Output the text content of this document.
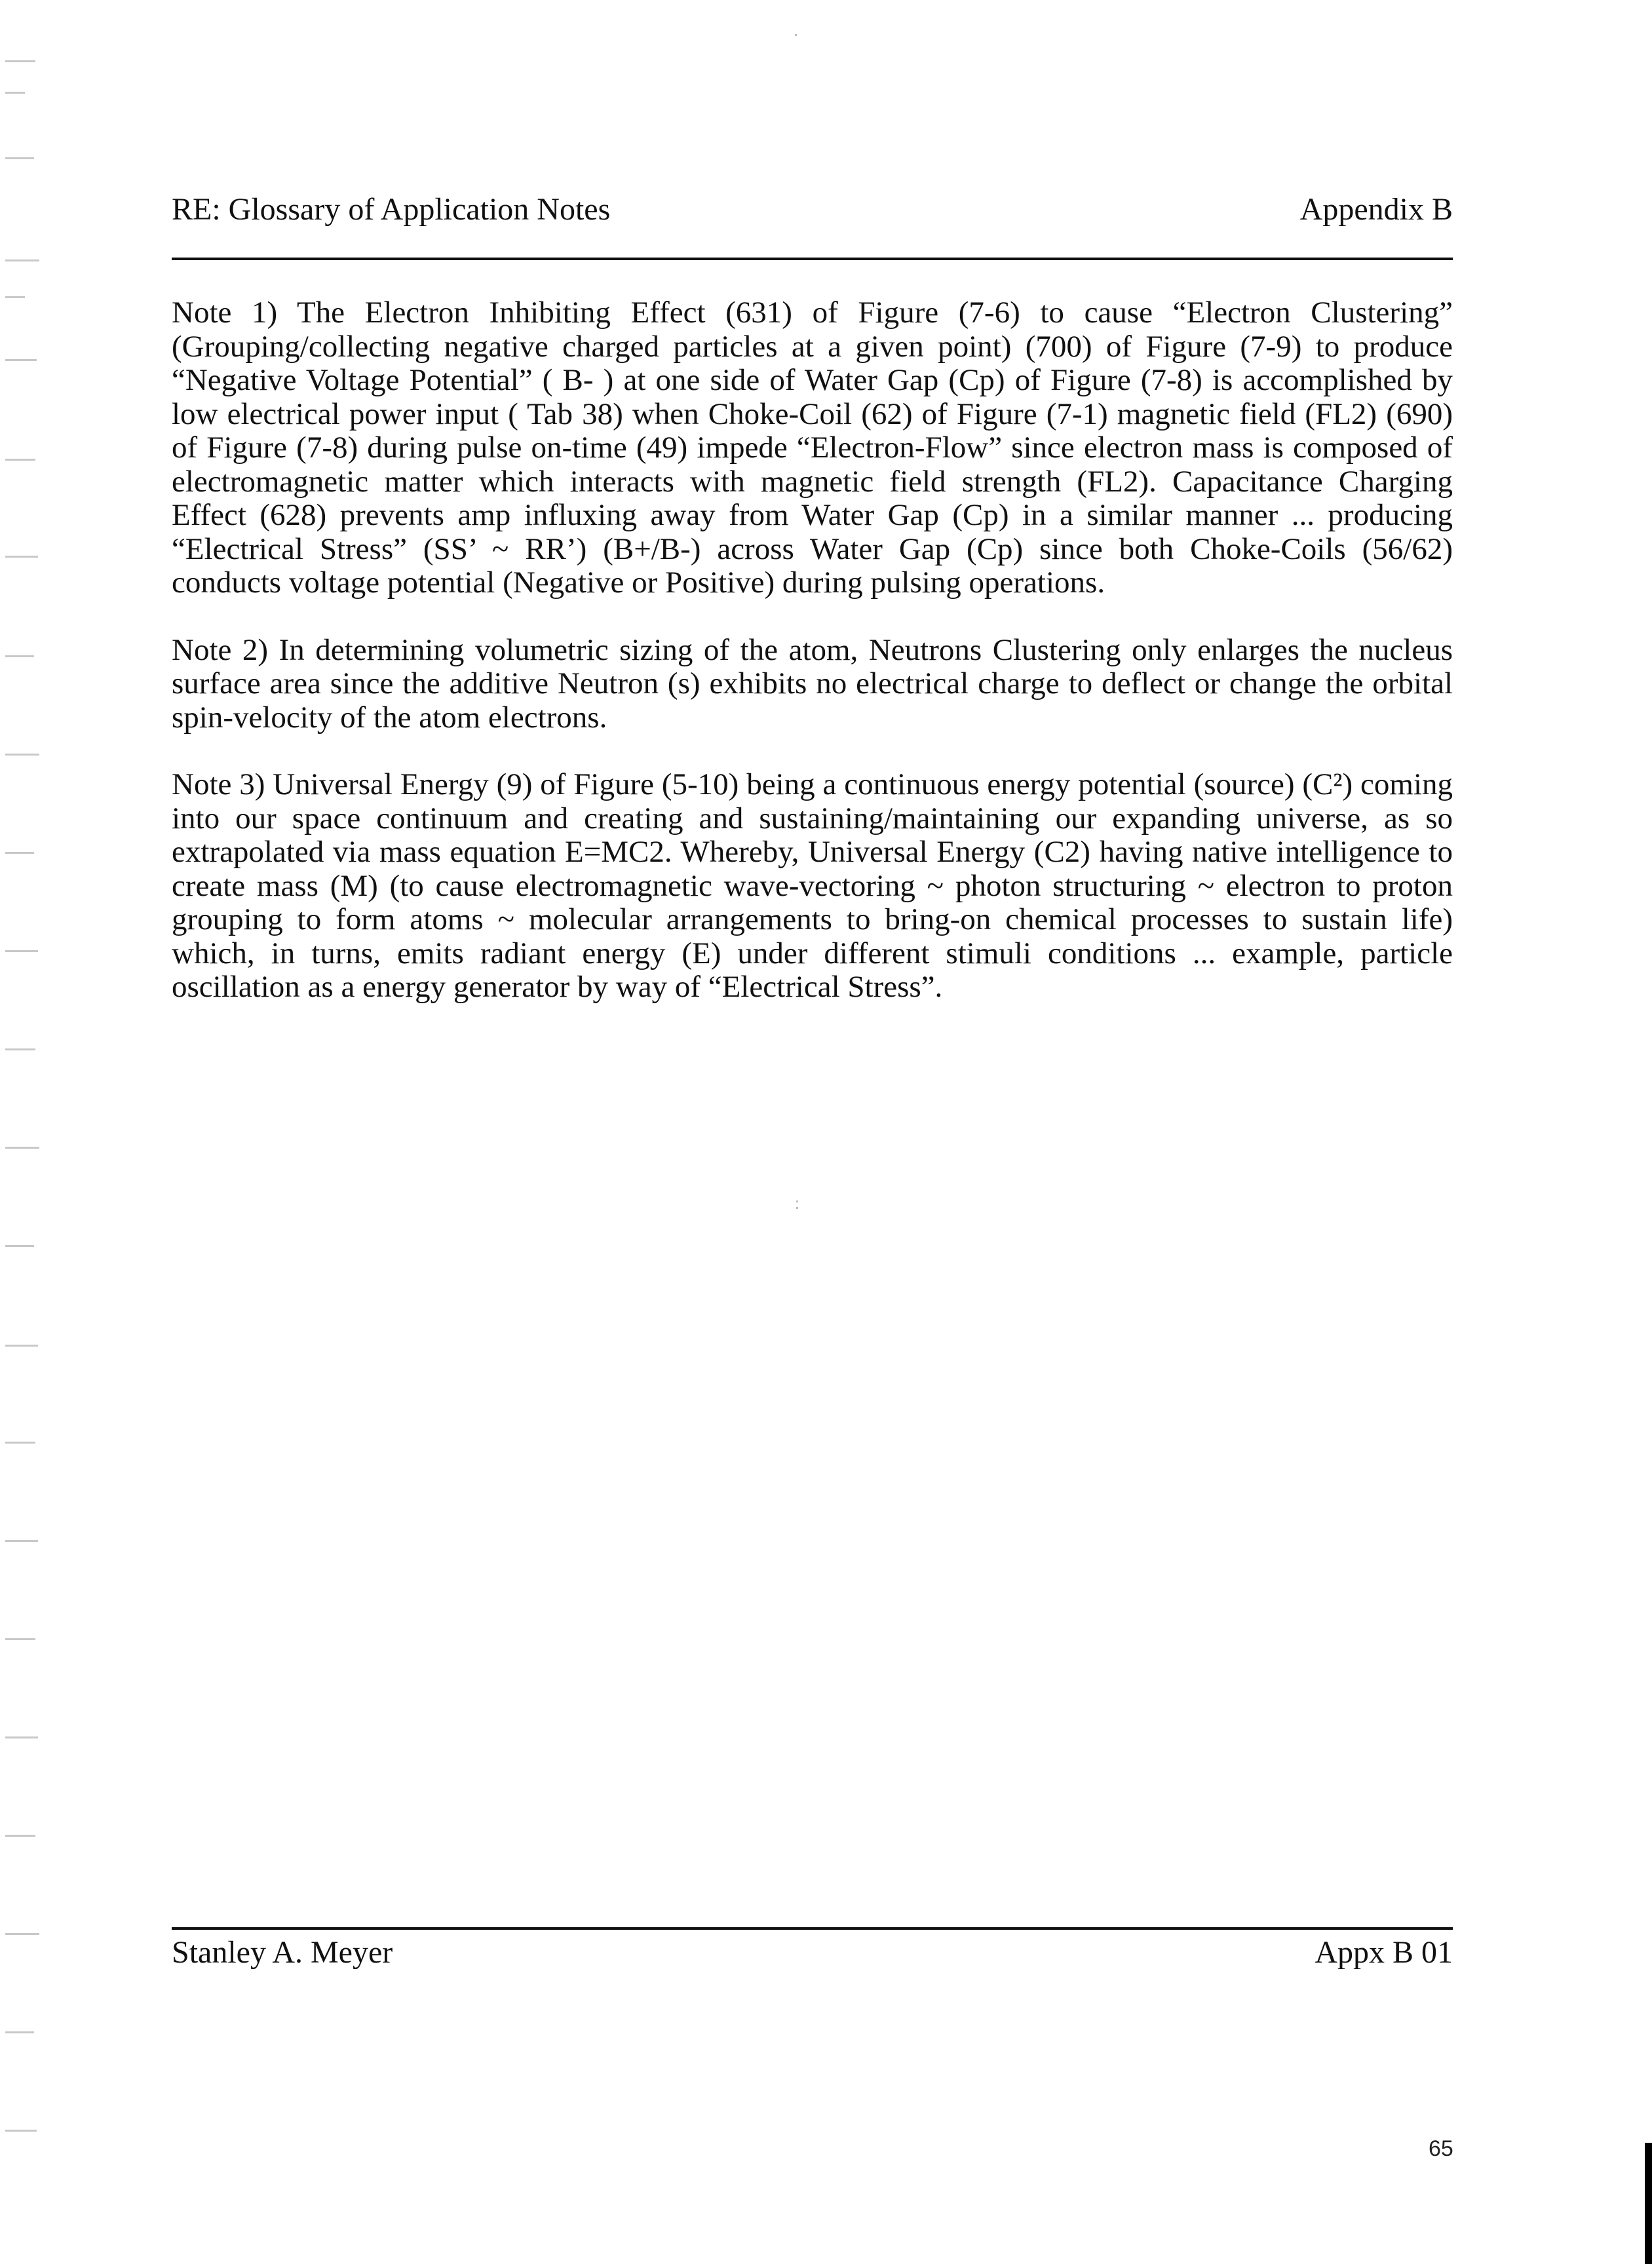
RE: Glossary of Application Notes	Appendix B

Note 1) The Electron Inhibiting Effect (631) of Figure (7-6) to cause “Electron Clustering” (Grouping/collecting negative charged particles at a given point) (700) of Figure (7-9) to produce “Negative Voltage Potential” ( B- ) at one side of Water Gap (Cp) of Figure (7-8) is accomplished by low electrical power input ( Tab 38) when Choke-Coil (62) of Figure (7-1) magnetic field (FL2) (690) of Figure (7-8) during pulse on-time (49) impede “Electron-Flow” since electron mass is composed of electromagnetic matter which interacts with magnetic field strength (FL2). Capacitance Charging Effect (628) prevents amp influxing away from Water Gap (Cp) in a similar manner ... producing “Electrical Stress” (SS’ ~ RR’) (B+/B-) across Water Gap (Cp) since both Choke-Coils (56/62) conducts voltage potential (Negative or Positive) during pulsing operations.

Note 2) In determining volumetric sizing of the atom, Neutrons Clustering only enlarges the nucleus surface area since the additive Neutron (s) exhibits no electrical charge to deflect or change the orbital spin-velocity of the atom electrons.

Note 3) Universal Energy (9) of Figure (5-10) being a continuous energy potential (source) (C²) coming into our space continuum and creating and sustaining/maintaining our expanding universe, as so extrapolated via mass equation E=MC2. Whereby, Universal Energy (C2) having native intelligence to create mass (M) (to cause electromagnetic wave-vectoring ~ photon structuring ~ electron to proton grouping to form atoms ~ molecular arrangements to bring-on chemical processes to sustain life) which, in turns, emits radiant energy (E) under different stimuli conditions ... example, particle oscillation as a energy generator by way of “Electrical Stress”.

Stanley A. Meyer	Appx B 01
65
